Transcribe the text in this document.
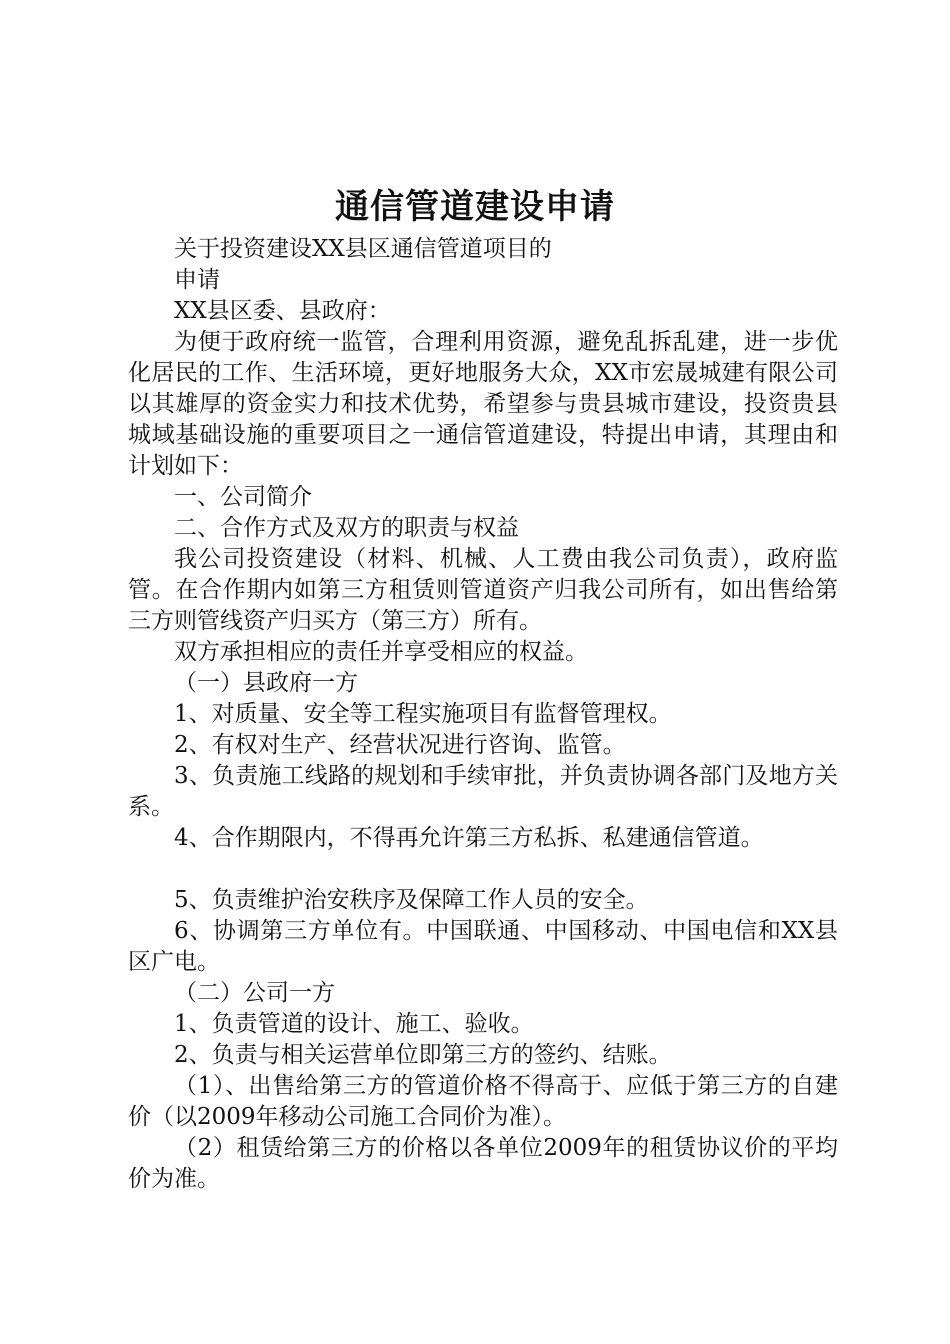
通信管道建设申请

关于投资建设XX县区通信管道项目的

申请

XX县区委、县政府：

为便于政府统一监管，合理利用资源，避免乱拆乱建，进一步优化居民的工作、生活环境，更好地服务大众，XX市宏晟城建有限公司以其雄厚的资金实力和技术优势，希望参与贵县城市建设，投资贵县城域基础设施的重要项目之一通信管道建设，特提出申请，其理由和计划如下：

一、公司简介

二、合作方式及双方的职责与权益

我公司投资建设（材料、机械、人工费由我公司负责），政府监管。在合作期内如第三方租赁则管道资产归我公司所有，如出售给第三方则管线资产归买方（第三方）所有。

双方承担相应的责任并享受相应的权益。

（一）县政府一方

1、对质量、安全等工程实施项目有监督管理权。

2、有权对生产、经营状况进行咨询、监管。

3、负责施工线路的规划和手续审批，并负责协调各部门及地方关系。

4、合作期限内，不得再允许第三方私拆、私建通信管道。

5、负责维护治安秩序及保障工作人员的安全。

6、协调第三方单位有。中国联通、中国移动、中国电信和XX县区广电。

（二）公司一方

1、负责管道的设计、施工、验收。

2、负责与相关运营单位即第三方的签约、结账。

（1）、出售给第三方的管道价格不得高于、应低于第三方的自建价（以2009年移动公司施工合同价为准）。

（2）租赁给第三方的价格以各单位2009年的租赁协议价的平均价为准。
